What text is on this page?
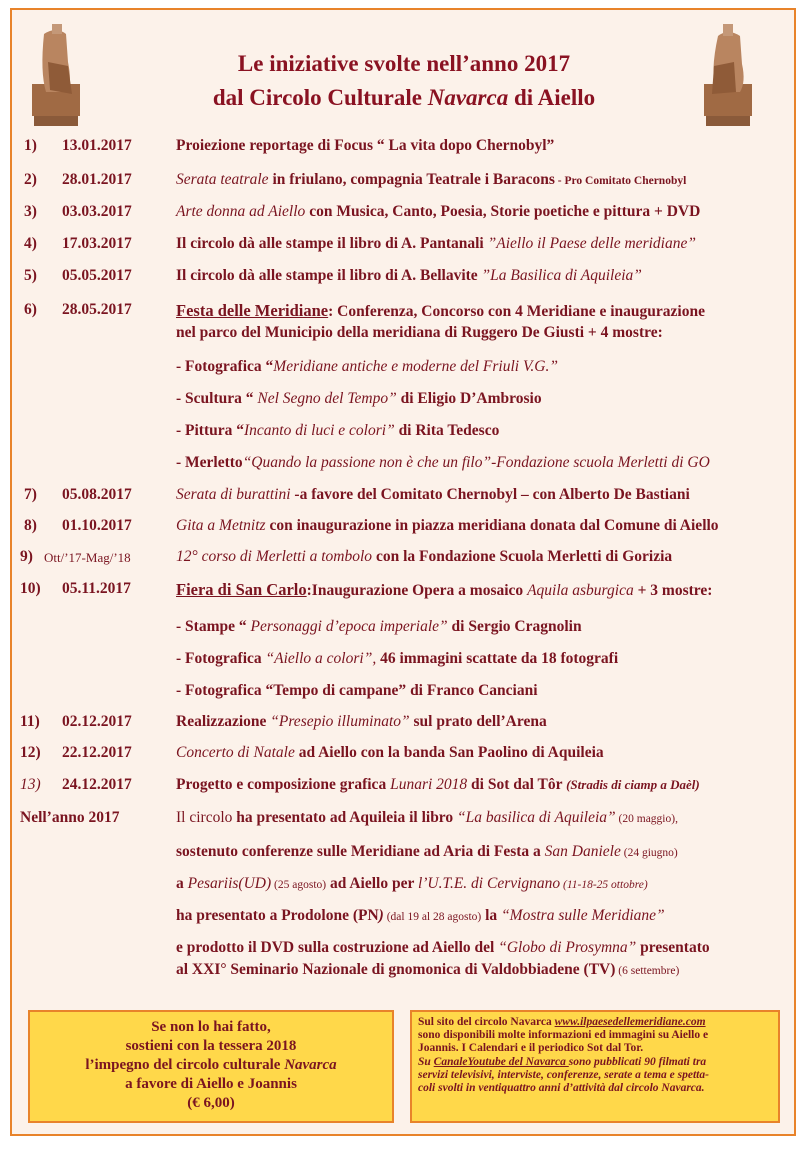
Le iniziative svolte nell’anno 2017
dal Circolo Culturale Navarca di Aiello
1) 13.01.2017	Proiezione reportage di Focus “ La vita dopo Chernobyl”
2) 28.01.2017	Serata teatrale in friulano, compagnia Teatrale i Baracons - Pro Comitato Chernobyl
3) 03.03.2017	Arte donna ad Aiello con Musica, Canto, Poesia, Storie poetiche e pittura + DVD
4) 17.03.2017	Il circolo dà alle stampe il libro di A. Pantanali ”Aiello il Paese delle meridiane”
5) 05.05.2017	Il circolo dà alle stampe il libro di A. Bellavite ”La Basilica di Aquileia”
6) 28.05.2017	Festa delle Meridiane: Conferenza, Concorso con 4 Meridiane e inaugurazione
nel parco del Municipio della meridiana di Ruggero De Giusti + 4 mostre:
- Fotografica “Meridiane antiche e moderne del Friuli V.G.”
- Scultura “ Nel Segno del Tempo” di Eligio D’Ambrosio
- Pittura “Incanto di luci e colori” di Rita Tedesco
- Merletto“Quando la passione non è che un filo”-Fondazione scuola Merletti di GO
7) 05.08.2017	Serata di burattini -a favore del Comitato Chernobyl – con Alberto De Bastiani
8) 01.10.2017	Gita a Metnitz con inaugurazione in piazza meridiana donata dal Comune di Aiello
9) Ott/’17-Mag/’18	12° corso di Merletti a tombolo con la Fondazione Scuola Merletti di Gorizia
10) 05.11.2017	Fiera di San Carlo:Inaugurazione Opera a mosaico Aquila asburgica + 3 mostre:
- Stampe “ Personaggi d’epoca imperiale” di Sergio Cragnolin
- Fotografica “Aiello a colori”, 46 immagini scattate da 18 fotografi
- Fotografica “Tempo di campane” di Franco Canciani
11) 02.12.2017	Realizzazione “Presepio illuminato” sul prato dell’Arena
12) 22.12.2017	Concerto di Natale ad Aiello con la banda San Paolino di Aquileia
13) 24.12.2017	Progetto e composizione grafica Lunari 2018 di Sot dal Tôr (Stradis di ciamp a Daèl)
Nell’anno 2017	Il circolo ha presentato ad Aquileia il libro “La basilica di Aquileia” (20 maggio),
sostenuto conferenze sulle Meridiane ad Aria di Festa a San Daniele (24 giugno)
a Pesariis(UD) (25 agosto) ad Aiello per l’U.T.E. di Cervignano (11-18-25 ottobre)
ha presentato a Prodolone (PN) (dal 19 al 28 agosto) la “Mostra sulle Meridiane”
e prodotto il DVD sulla costruzione ad Aiello del “Globo di Prosymna” presentato
al XXI° Seminario Nazionale di gnomonica di Valdobbiadene (TV) (6 settembre)
Se non lo hai fatto,
sostieni con la tessera 2018
l’impegno del circolo culturale Navarca
a favore di Aiello e Joannis
(€ 6,00)
Sul sito del circolo Navarca www.ilpaesedellemeridiane.com
sono disponibili molte informazioni ed immagini su Aiello e
Joannis. I Calendari e il periodico Sot dal Tor.
Su CanaleYoutube del Navarca sono pubblicati 90 filmati tra
servizi televisivi, interviste, conferenze, serate a tema e spetta-
coli svolti in ventiquattro anni d’attività dal circolo Navarca.
